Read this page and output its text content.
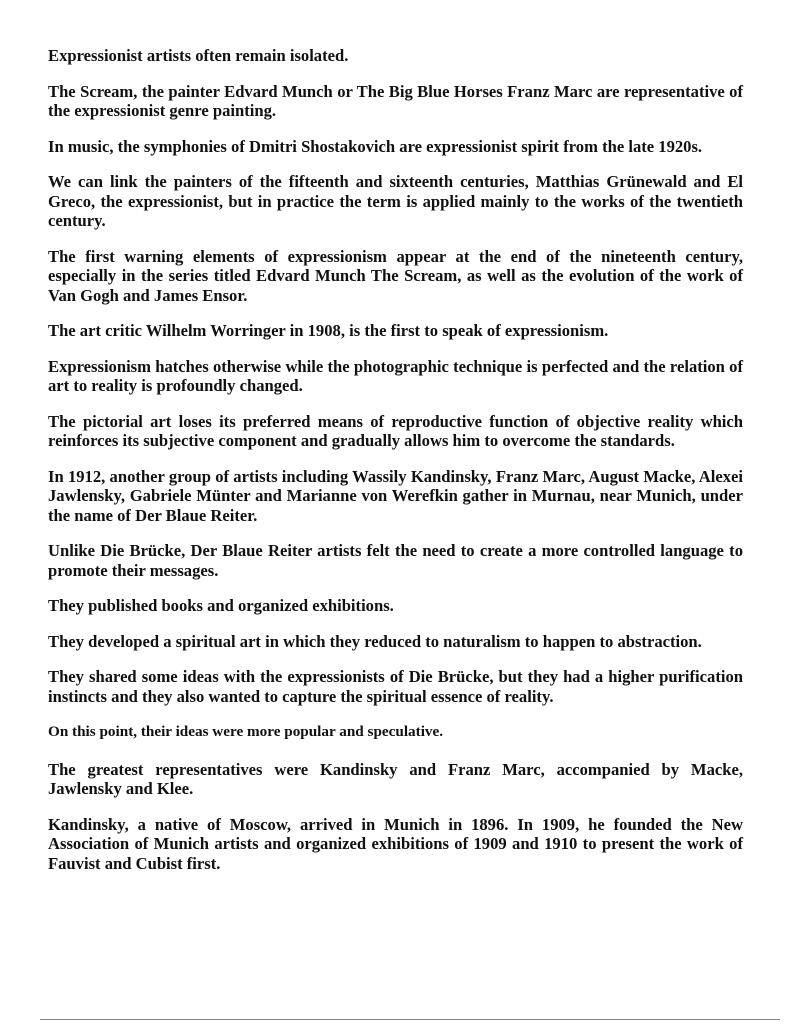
Expressionist artists often remain isolated.

The Scream, the painter Edvard Munch or The Big Blue Horses Franz Marc are representative of the expressionist genre painting.

In music, the symphonies of Dmitri Shostakovich are expressionist spirit from the late 1920s.

We can link the painters of the fifteenth and sixteenth centuries, Matthias Grünewald and El Greco, the expressionist, but in practice the term is applied mainly to the works of the twentieth century.

The first warning elements of expressionism appear at the end of the nineteenth century, especially in the series titled Edvard Munch The Scream, as well as the evolution of the work of Van Gogh and James Ensor.

The art critic Wilhelm Worringer in 1908, is the first to speak of expressionism.

Expressionism hatches otherwise while the photographic technique is perfected and the relation of art to reality is profoundly changed.

The pictorial art loses its preferred means of reproductive function of objective reality which reinforces its subjective component and gradually allows him to overcome the standards.

In 1912, another group of artists including Wassily Kandinsky, Franz Marc, August Macke, Alexei Jawlensky, Gabriele Münter and Marianne von Werefkin gather in Murnau, near Munich, under the name of Der Blaue Reiter.

Unlike Die Brücke, Der Blaue Reiter artists felt the need to create a more controlled language to promote their messages.

They published books and organized exhibitions.

They developed a spiritual art in which they reduced to naturalism to happen to abstraction.

They shared some ideas with the expressionists of Die Brücke, but they had a higher purification instincts and they also wanted to capture the spiritual essence of reality.

On this point, their ideas were more popular and speculative.

The greatest representatives were Kandinsky and Franz Marc, accompanied by Macke, Jawlensky and Klee.

Kandinsky, a native of Moscow, arrived in Munich in 1896. In 1909, he founded the New Association of Munich artists and organized exhibitions of 1909 and 1910 to present the work of Fauvist and Cubist first.
